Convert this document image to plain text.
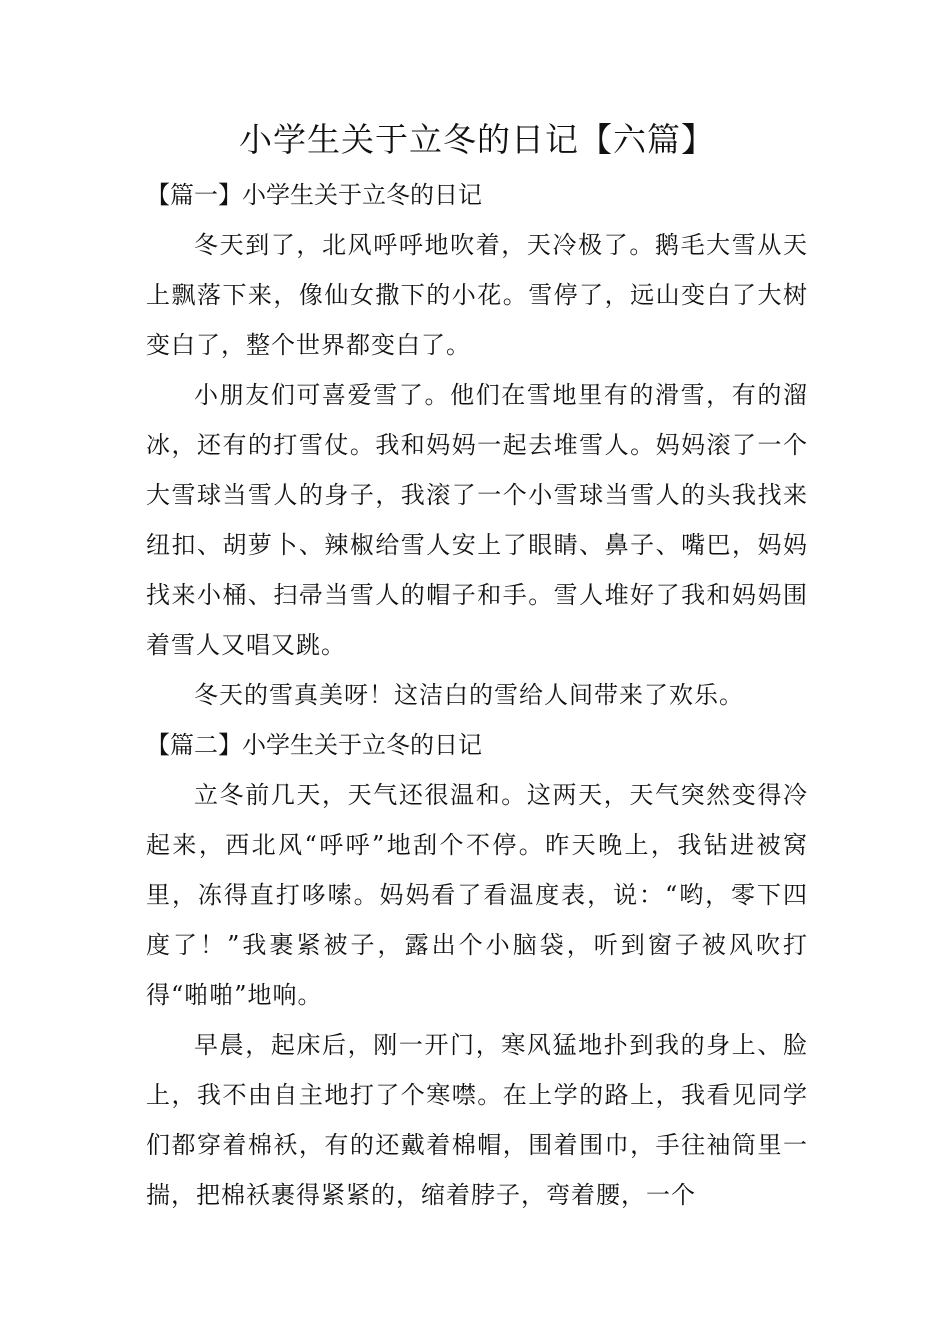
小学生关于立冬的日记【六篇】
【篇一】小学生关于立冬的日记

冬天到了，北风呼呼地吹着，天冷极了。鹅毛大雪从天上飘落下来，像仙女撒下的小花。雪停了，远山变白了大树变白了，整个世界都变白了。

小朋友们可喜爱雪了。他们在雪地里有的滑雪，有的溜冰，还有的打雪仗。我和妈妈一起去堆雪人。妈妈滚了一个大雪球当雪人的身子，我滚了一个小雪球当雪人的头我找来纽扣、胡萝卜、辣椒给雪人安上了眼睛、鼻子、嘴巴，妈妈找来小桶、扫帚当雪人的帽子和手。雪人堆好了我和妈妈围着雪人又唱又跳。

冬天的雪真美呀！这洁白的雪给人间带来了欢乐。

【篇二】小学生关于立冬的日记

立冬前几天，天气还很温和。这两天，天气突然变得冷起来，西北风“呼呼”地刮个不停。昨天晚上，我钻进被窝里，冻得直打哆嗦。妈妈看了看温度表，说：“哟，零下四度了！”我裹紧被子，露出个小脑袋，听到窗子被风吹打得“啪啪”地响。

早晨，起床后，刚一开门，寒风猛地扑到我的身上、脸上，我不由自主地打了个寒噤。在上学的路上，我看见同学们都穿着棉袄，有的还戴着棉帽，围着围巾，手往袖筒里一揣，把棉袄裹得紧紧的，缩着脖子，弯着腰，一个
